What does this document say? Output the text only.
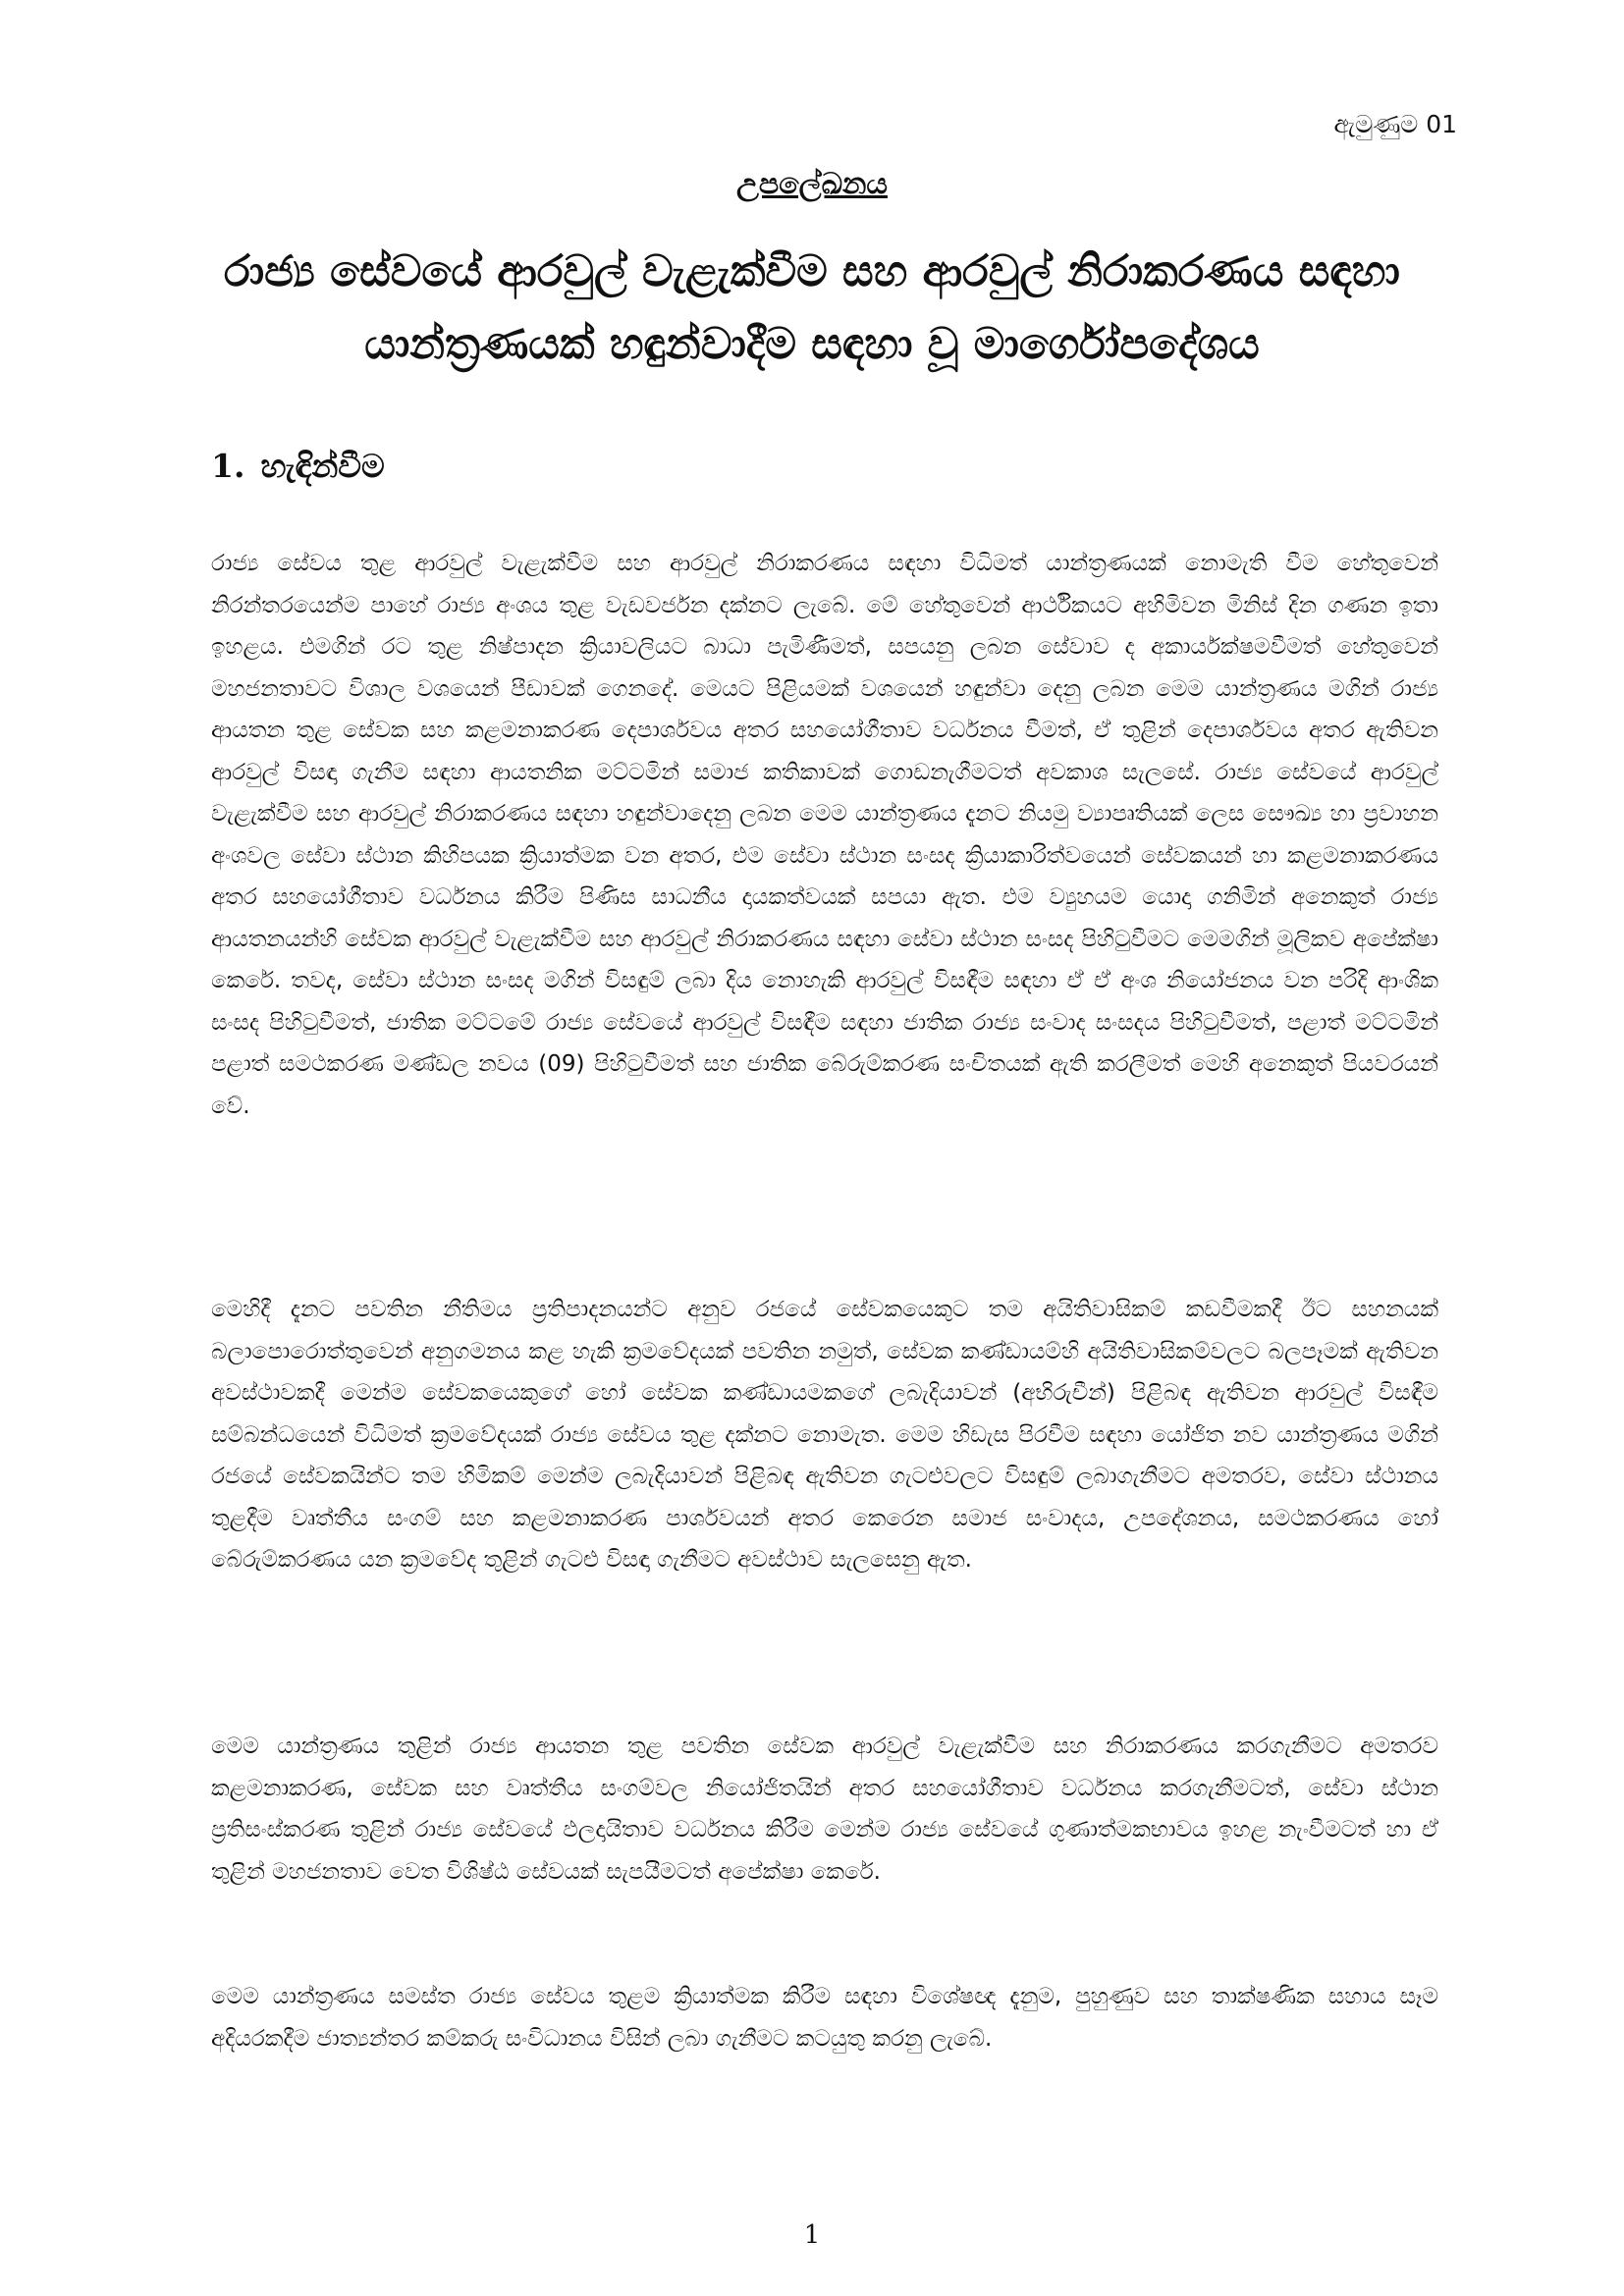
ඇමුණුම 01
උපලේඛනය
රාජ්‍ය සේවයේ ආරවුල් වැළැක්වීම සහ ආරවුල් නිරාකරණය සඳහා යාන්ත්‍රණයක් හඳුන්වාදීම සඳහා වූ මාර්ගෝපදේශය
1. හැඳින්වීම

රාජ්‍ය සේවය තුළ ආරවුල් වැළැක්වීම සහ ආරවුල් නිරාකරණය සඳහා විධිමත් යාන්ත්‍රණයක් නොමැති වීම හේතුවෙන් නිරන්තරයෙන්ම පාහේ රාජ්‍ය අංශය තුළ වැඩවර්ජන දක්නට ලැබේ. මේ හේතුවෙන් ආර්ථිකයට අහිමිවන මිනිස් දින ගණන ඉතා ඉහළය. එමගින් රට තුළ නිෂ්පාදන ක්‍රියාවලියට බාධා පැමිණීමත්, සපයනු ලබන සේවාව ද අකාර්යක්ෂමවීමත් හේතුවෙන් මහජනතාවට විශාල වශයෙන් පීඩාවක් ගෙනදේ. මෙයට පිළියමක් වශයෙන් හඳුන්වා දෙනු ලබන මෙම යාන්ත්‍රණය මගින් රාජ්‍ය ආයතන තුළ සේවක සහ කළමනාකරණ දෙපාර්ශවය අතර සහයෝගීතාව වර්ධනය වීමත්, ඒ තුළින් දෙපාර්ශවය අතර ඇතිවන ආරවුල් විසඳා ගැනීම සඳහා ආයතනික මට්ටමින් සමාජ කතිකාවක් ගොඩනැගීමටත් අවකාශ සැලසේ. රාජ්‍ය සේවයේ ආරවුල් වැළැක්වීම සහ ආරවුල් නිරාකරණය සඳහා හඳුන්වාදෙනු ලබන මෙම යාන්ත්‍රණය දැනට නියමු ව්‍යාපෘතියක් ලෙස සෞඛ්‍ය හා ප්‍රවාහන අංශවල සේවා ස්ථාන කිහිපයක ක්‍රියාත්මක වන අතර, එම සේවා ස්ථාන සංසද ක්‍රියාකාරිත්වයෙන් සේවකයන් හා කළමනාකරණය අතර සහයෝගීතාව වර්ධනය කිරීම පිණිස සාධනීය දායකත්වයක් සපයා ඇත. එම ව්‍යුහයම යොදා ගනිමින් අනෙකුත් රාජ්‍ය ආයතනයන්හි සේවක ආරවුල් වැළැක්වීම සහ ආරවුල් නිරාකරණය සඳහා සේවා ස්ථාන සංසද පිහිටුවීමට මෙමගින් මූලිකව අපේක්ෂා කෙරේ. තවද, සේවා ස්ථාන සංසද මගින් විසඳුම් ලබා දිය නොහැකි ආරවුල් විසඳීම සඳහා ඒ ඒ අංශ නියෝජනය වන පරිදි ආංශික සංසද පිහිටුවීමත්, ජාතික මට්ටමේ රාජ්‍ය සේවයේ ආරවුල් විසඳීම සඳහා ජාතික රාජ්‍ය සංවාද සංසදය පිහිටුවීමත්, පළාත් මට්ටමින් පළාත් සමථකරණ මණ්ඩල නවය (09) පිහිටුවීමත් සහ ජාතික බේරුම්කරණ සංචිතයක් ඇති කරලීමත් මෙහි අනෙකුත් පියවරයන් වේ.

මෙහිදී දැනට පවතින නීතිමය ප්‍රතිපාදනයන්ට අනුව රජයේ සේවකයෙකුට තම අයිතිවාසිකම් කඩවීමකදී ඊට සහනයක් බලාපොරොත්තුවෙන් අනුගමනය කළ හැකි ක්‍රමවේදයක් පවතින නමුත්, සේවක කණ්ඩායම්හි අයිතිවාසිකම්වලට බලපෑමක් ඇතිවන අවස්ථාවකදී මෙන්ම සේවකයෙකුගේ හෝ සේවක කණ්ඩායමකගේ ලබැදියාවන් (අභිරුචීන්) පිළිබඳ ඇතිවන ආරවුල් විසඳීම සම්බන්ධයෙන් විධිමත් ක්‍රමවේදයක් රාජ්‍ය සේවය තුළ දක්නට නොමැත. මෙම හිඩැස පිරවීම සඳහා යෝජිත නව යාන්ත්‍රණය මගින් රජයේ සේවකයින්ට තම හිමිකම් මෙන්ම ලබැදියාවන් පිළිබඳ ඇතිවන ගැටළුවලට විසඳුම් ලබාගැනීමට අමතරව, සේවා ස්ථානය තුළදීම වෘත්තීය සංගම් සහ කළමනාකරණ පාර්ශවයන් අතර කෙරෙන සමාජ සංවාදය, උපදේශනය, සමථකරණය හෝ බේරුම්කරණය යන ක්‍රමවේද තුළින් ගැටළු විසඳා ගැනීමට අවස්ථාව සැලසෙනු ඇත.

මෙම යාන්ත්‍රණය තුළින් රාජ්‍ය ආයතන තුළ පවතින සේවක ආරවුල් වැළැක්වීම සහ නිරාකරණය කරගැනීමට අමතරව කළමනාකරණ, සේවක සහ වෘත්තීය සංගම්වල නියෝජිතයින් අතර සහයෝගීතාව වර්ධනය කරගැනීමටත්, සේවා ස්ථාන ප්‍රතිසංස්කරණ තුළින් රාජ්‍ය සේවයේ ඵලදායිතාව වර්ධනය කිරීම මෙන්ම රාජ්‍ය සේවයේ ගුණාත්මකභාවය ඉහළ නැංවීමටත් හා ඒ තුළින් මහජනතාව වෙත විශිෂ්ඨ සේවයක් සැපයීමටත් අපේක්ෂා කෙරේ.

මෙම යාන්ත්‍රණය සමස්ත රාජ්‍ය සේවය තුළම ක්‍රියාත්මක කිරීම සඳහා විශේෂඥ දැනුම, පුහුණුව සහ තාක්ෂණික සහාය සෑම අදියරකදීම ජාත්‍යන්තර කම්කරු සංවිධානය විසින් ලබා ගැනීමට කටයුතු කරනු ලැබේ.

1
